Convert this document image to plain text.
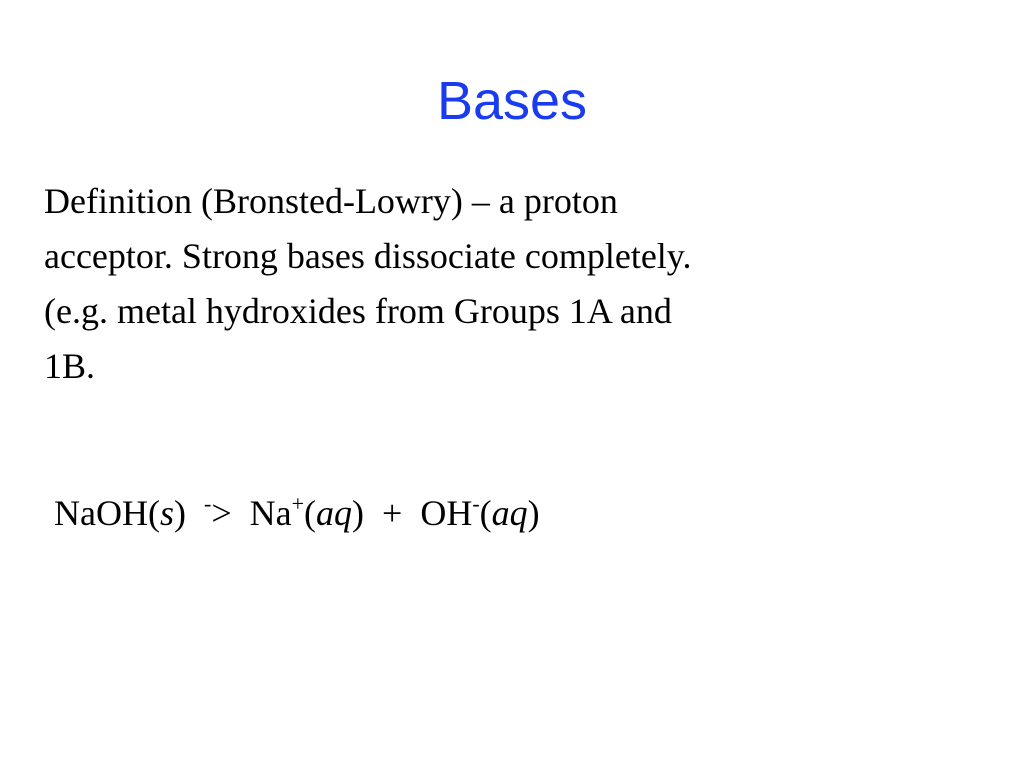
Bases
Definition (Bronsted-Lowry) – a proton
acceptor. Strong bases dissociate completely.
(e.g. metal hydroxides from Groups 1A and
1B.
NaOH(s)  ->  Na+(aq)  +  OH-(aq)
